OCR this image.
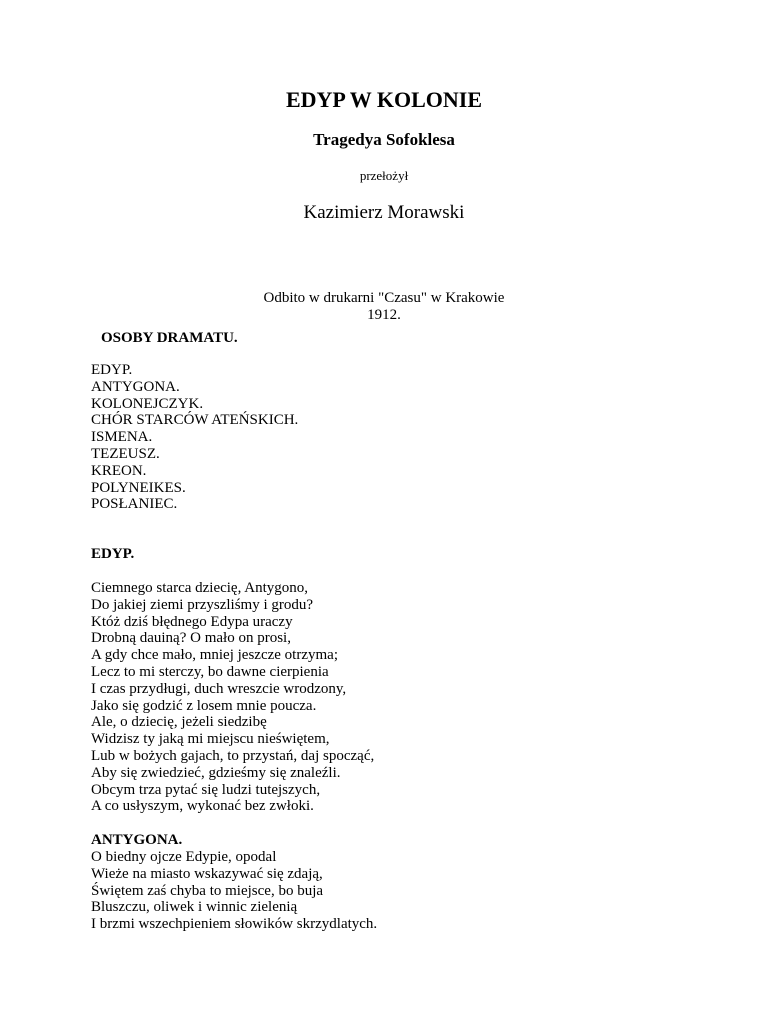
EDYP W KOLONIE
Tragedya Sofoklesa
przełożył
Kazimierz Morawski
Odbito w drukarni "Czasu" w Krakowie
1912.
OSOBY DRAMATU.
EDYP.
ANTYGONA.
KOLONEJCZYK.
CHÓR STARCÓW ATEŃSKICH.
ISMENA.
TEZEUSZ.
KREON.
POLYNEIKES.
POSŁANIEC.
EDYP.
Ciemnego starca dziecię, Antygono,
Do jakiej ziemi przyszliśmy i grodu?
Któż dziś błędnego Edypa uraczy
Drobną dauiną? O mało on prosi,
A gdy chce mało, mniej jeszcze otrzyma;
Lecz to mi sterczy, bo dawne cierpienia
I czas przydługi, duch wreszcie wrodzony,
Jako się godzić z losem mnie poucza.
Ale, o dziecię, jeżeli siedzibę
Widzisz ty jaką mi miejscu nieświętem,
Lub w bożych gajach, to przystań, daj spocząć,
Aby się zwiedzieć, gdzieśmy się znaleźli.
Obcym trza pytać się ludzi tutejszych,
A co usłyszym, wykonać bez zwłoki.
ANTYGONA.
O biedny ojcze Edypie, opodal
Wieże na miasto wskazywać się zdają,
Świętem zaś chyba to miejsce, bo buja
Bluszczu, oliwek i winnic zielenią
I brzmi wszechpieniem słowików skrzydlatych.
